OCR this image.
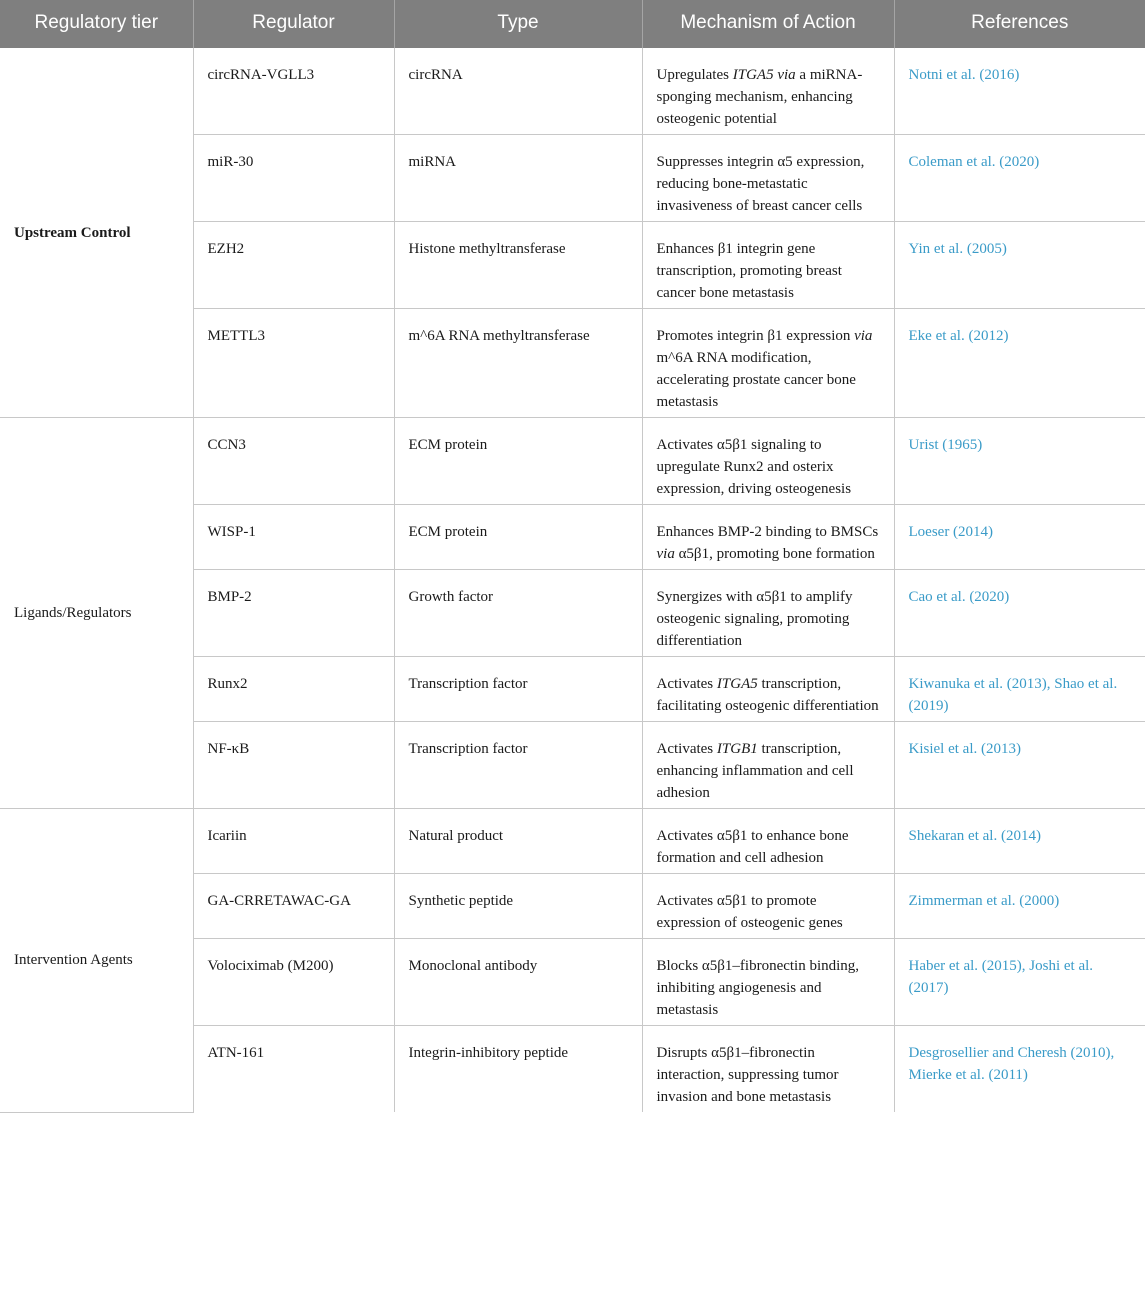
Regulatory tier	Regulator	Type	Mechanism of Action	References
Upstream Control	circRNA-VGLL3	circRNA	Upregulates ITGA5 via a miRNA-sponging mechanism, enhancing osteogenic potential	Notni et al. (2016)
	miR-30	miRNA	Suppresses integrin α5 expression, reducing bone-metastatic invasiveness of breast cancer cells	Coleman et al. (2020)
	EZH2	Histone methyltransferase	Enhances β1 integrin gene transcription, promoting breast cancer bone metastasis	Yin et al. (2005)
	METTL3	m^6A RNA methyltransferase	Promotes integrin β1 expression via m^6A RNA modification, accelerating prostate cancer bone metastasis	Eke et al. (2012)
Ligands/Regulators	CCN3	ECM protein	Activates α5β1 signaling to upregulate Runx2 and osterix expression, driving osteogenesis	Urist (1965)
	WISP-1	ECM protein	Enhances BMP-2 binding to BMSCs via α5β1, promoting bone formation	Loeser (2014)
	BMP-2	Growth factor	Synergizes with α5β1 to amplify osteogenic signaling, promoting differentiation	Cao et al. (2020)
	Runx2	Transcription factor	Activates ITGA5 transcription, facilitating osteogenic differentiation	Kiwanuka et al. (2013), Shao et al. (2019)
	NF-κB	Transcription factor	Activates ITGB1 transcription, enhancing inflammation and cell adhesion	Kisiel et al. (2013)
Intervention Agents	Icariin	Natural product	Activates α5β1 to enhance bone formation and cell adhesion	Shekaran et al. (2014)
	GA-CRRETAWAC-GA	Synthetic peptide	Activates α5β1 to promote expression of osteogenic genes	Zimmerman et al. (2000)
	Volociximab (M200)	Monoclonal antibody	Blocks α5β1–fibronectin binding, inhibiting angiogenesis and metastasis	Haber et al. (2015), Joshi et al. (2017)
	ATN-161	Integrin-inhibitory peptide	Disrupts α5β1–fibronectin interaction, suppressing tumor invasion and bone metastasis	Desgrosellier and Cheresh (2010), Mierke et al. (2011)
